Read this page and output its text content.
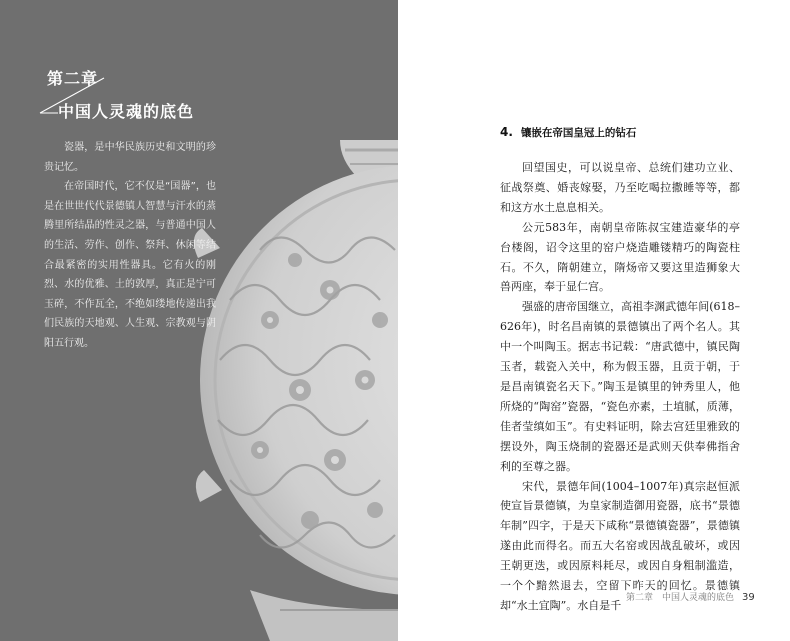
第二章
中国人灵魂的底色

瓷器，是中华民族历史和文明的珍贵记忆。

在帝国时代，它不仅是“国器”，也是在世世代代景德镇人智慧与汗水的蒸腾里所结晶的性灵之器，与普通中国人的生活、劳作、创作、祭拜、休闲等结合最紧密的实用性器具。它有火的刚烈、水的优雅、土的敦厚，真正是宁可玉碎，不作瓦全，不绝如缕地传递出我们民族的天地观、人生观、宗教观与阴阳五行观。

4. 镶嵌在帝国皇冠上的钻石

回望国史，可以说皇帝、总统们建功立业、征战祭奠、婚丧嫁娶，乃至吃喝拉撒睡等等，都和这方水土息息相关。

公元583年，南朝皇帝陈叔宝建造豪华的亭台楼阁，诏令这里的窑户烧造雕镂精巧的陶瓷柱石。不久，隋朝建立，隋炀帝又要这里造狮象大兽两座，奉于显仁宫。

强盛的唐帝国继立，高祖李渊武德年间(618–626年)，时名昌南镇的景德镇出了两个名人。其中一个叫陶玉。据志书记载：“唐武德中，镇民陶玉者，载瓷入关中，称为假玉器，且贡于朝，于是昌南镇瓷名天下。”陶玉是镇里的钟秀里人，他所烧的“陶窑”瓷器，“瓷色亦素，土埴腻，质薄，佳者莹缜如玉”。有史料证明，除去宫廷里雅致的摆设外，陶玉烧制的瓷器还是武则天供奉佛指舍利的至尊之器。

宋代，景德年间(1004–1007年)真宗赵恒派使宣旨景德镇，为皇家制造御用瓷器，底书“景德年制”四字，于是天下咸称“景德镇瓷器”，景德镇遂由此而得名。而五大名窑或因战乱破坏，或因王朝更迭，或因原料耗尽，或因自身粗制滥造，一个个黯然退去，空留下昨天的回忆。景德镇却“水土宜陶”。水自是千

第二章　中国人灵魂的底色 39
